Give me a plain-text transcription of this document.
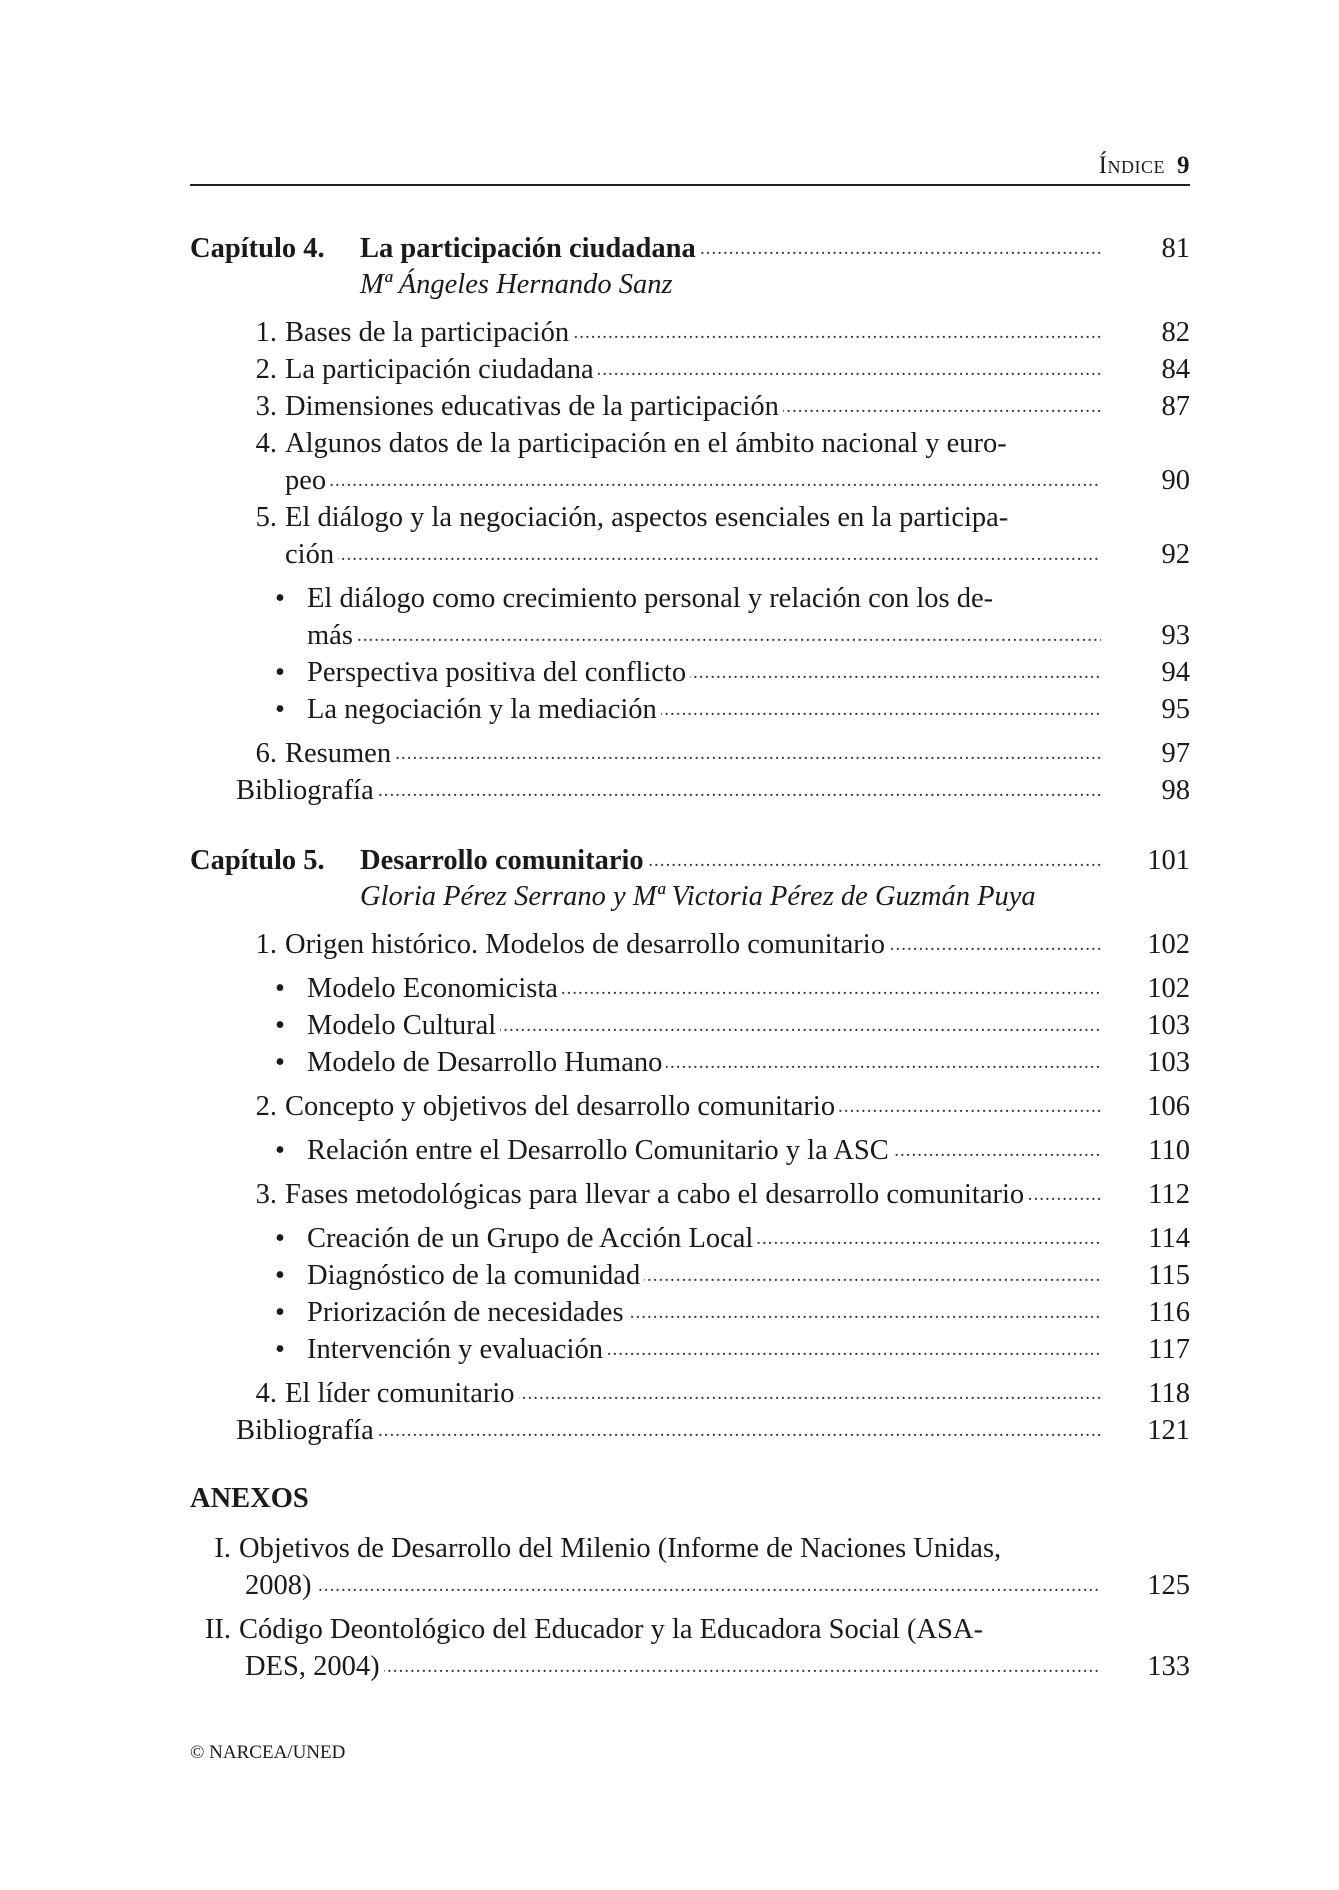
Índice 9
Capítulo 4. La participación ciudadana .....	81
Mª Ángeles Hernando Sanz
1. Bases de la participación .....	82
2. La participación ciudadana .....	84
3. Dimensiones educativas de la participación .....	87
4. Algunos datos de la participación en el ámbito nacional y euro-
peo .....	90
5. El diálogo y la negociación, aspectos esenciales en la participa-
ción .....	92
• El diálogo como crecimiento personal y relación con los de-
más .....	93
• Perspectiva positiva del conflicto .....	94
• La negociación y la mediación .....	95
6. Resumen .....	97
Bibliografía .....	98
Capítulo 5. Desarrollo comunitario .....	101
Gloria Pérez Serrano y Mª Victoria Pérez de Guzmán Puya
1. Origen histórico. Modelos de desarrollo comunitario .....	102
• Modelo Economicista .....	102
• Modelo Cultural .....	103
• Modelo de Desarrollo Humano .....	103
2. Concepto y objetivos del desarrollo comunitario .....	106
• Relación entre el Desarrollo Comunitario y la ASC .....	110
3. Fases metodológicas para llevar a cabo el desarrollo comunitario .....	112
• Creación de un Grupo de Acción Local .....	114
• Diagnóstico de la comunidad .....	115
• Priorización de necesidades .....	116
• Intervención y evaluación .....	117
4. El líder comunitario .....	118
Bibliografía .....	121
ANEXOS
I. Objetivos de Desarrollo del Milenio (Informe de Naciones Unidas,
2008) .....	125
II. Código Deontológico del Educador y la Educadora Social (ASA-
DES, 2004) .....	133
© NARCEA/UNED
